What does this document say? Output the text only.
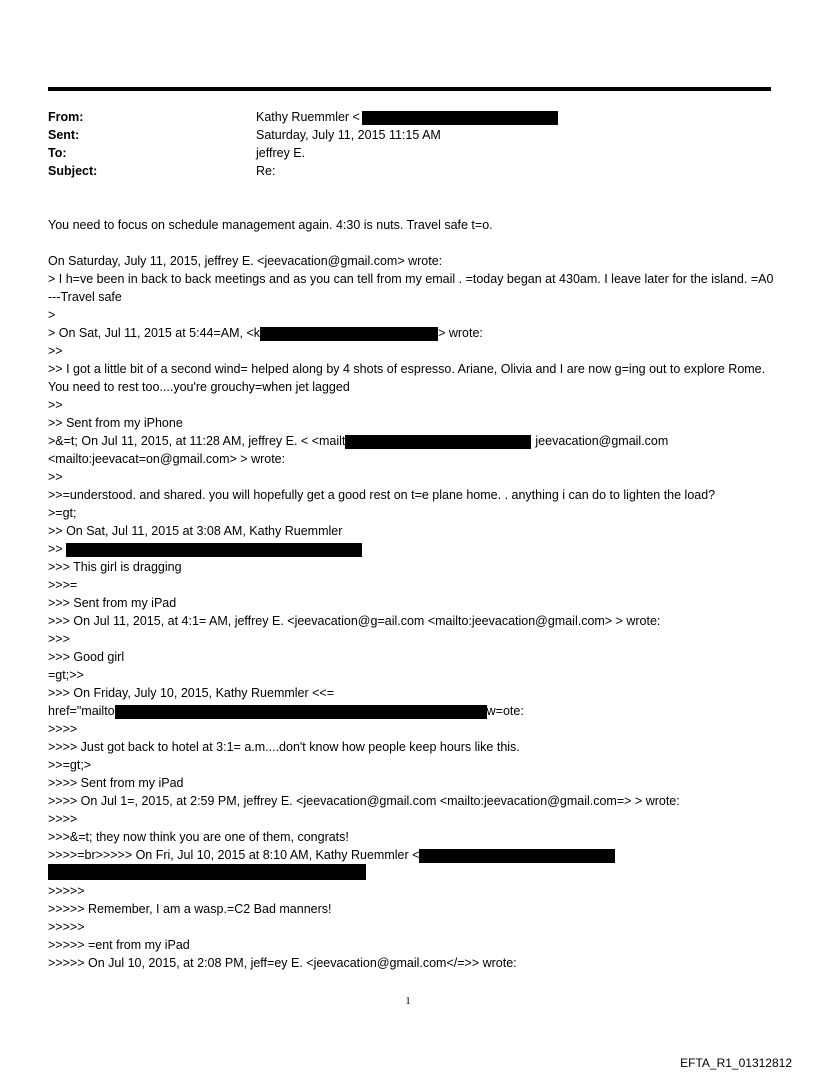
From:	Kathy Ruemmler <
Sent:	Saturday, July 11, 2015 11:15 AM
To:	jeffrey E.
Subject:	Re:
You need to focus on schedule management again. 4:30 is nuts. Travel safe t=o.
On Saturday, July 11, 2015, jeffrey E. <jeevacation@gmail.com> wrote:
> I h=ve been in back to back meetings and as you can tell from my email . =today began at 430am. I leave later for the island. =A0 ---Travel safe
>
> On Sat, Jul 11, 2015 at 5:44=AM, <k	> wrote:
>>
>> I got a little bit of a second wind= helped along by 4 shots of espresso. Ariane, Olivia and I are now g=ing out to explore Rome. You need to rest too....you're grouchy=when jet lagged
>>
>> Sent from my iPhone
>&=t; On Jul 11, 2015, at 11:28 AM, jeffrey E. < <mailt	jeevacation@gmail.com
<mailto:jeevacat=on@gmail.com> > wrote:
>>
>>=understood. and shared. you will hopefully get a good rest on t=e plane home. . anything i can do to lighten the load?
>=gt;
>> On Sat, Jul 11, 2015 at 3:08 AM, Kathy Ruemmler
>>
>>> This girl is dragging
>>>=
>>> Sent from my iPad
>>> On Jul 11, 2015, at 4:1= AM, jeffrey E. <jeevacation@g=ail.com <mailto:jeevacation@gmail.com> > wrote:
>>>
>>> Good girl
=gt;>>
>>> On Friday, July 10, 2015, Kathy Ruemmler <<=
href="mailto	w=ote:
>>>>
>>>> Just got back to hotel at 3:1= a.m....don't know how people keep hours like this.
>>=gt;>
>>>> Sent from my iPad
>>>> On Jul 1=, 2015, at 2:59 PM, jeffrey E. <jeevacation@gmail.com <mailto:jeevacation@gmail.com=> > wrote:
>>>>
>>>&=t; they now think you are one of them, congrats!
>>>>=br>>>>> On Fri, Jul 10, 2015 at 8:10 AM, Kathy Ruemmler <
>>>>>
>>>>> Remember, I am a wasp.=C2 Bad manners!
>>>>>
>>>>> =ent from my iPad
>>>>> On Jul 10, 2015, at 2:08 PM, jeff=ey E. <jeevacation@gmail.com</=>> wrote:
1
EFTA_R1_01312812
